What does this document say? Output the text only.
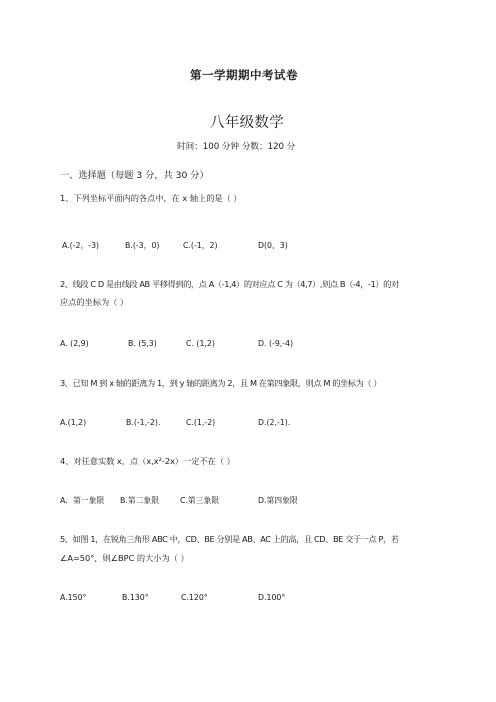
第一学期期中考试卷
八年级数学
时间：100 分钟 分数：120 分
一、选择题（每题 3 分，共 30 分）
1、下列坐标平面内的各点中，在 x 轴上的是（ ）
A.(-2，-3)	B.(-3，0)	C.(-1，2)	D(0，3)
2、线段 C D 是由线段 AB 平移得到的，点 A（-1,4）的对应点 C 为（4,7）,则点 B（-4，-1）的对
应点的坐标为（ ）
A. (2,9)	B. (5,3)	C. (1,2)	D. (-9,-4)
3、已知 M 到 x 轴的距离为 1，到 y 轴的距离为 2，且 M 在第四象限，则点 M 的坐标为（ ）
A.(1,2)	B.(-1,-2).	C.(1,-2)	D.(2,-1).
4、对任意实数 x，点（x,x²-2x）一定不在（ ）
A．第一象限 B.第二象限	C.第三象限	D.第四象限
5、如图 1，在锐角三角形 ABC 中，CD、BE 分别是 AB、AC 上的高，且 CD、BE 交于一点 P，若
∠A=50°，则∠BPC 的大小为（ ）
A.150°	B.130°	C.120°	D.100°
